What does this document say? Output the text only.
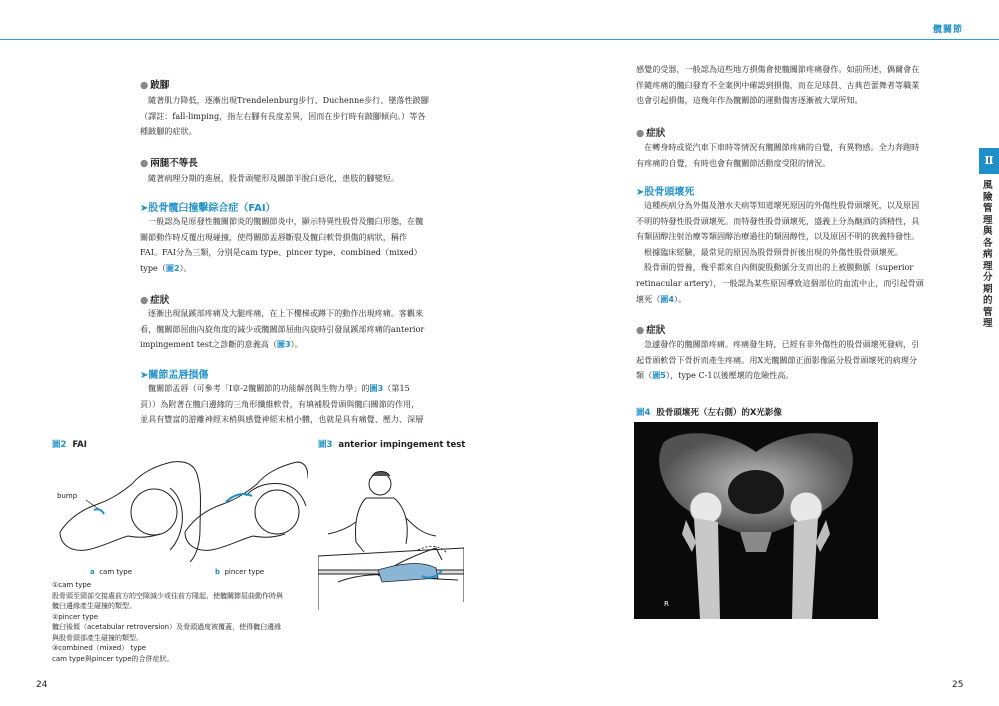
髖關節
● 跛腳

隨著肌力降低，逐漸出現Trendelenburg步行、Duchenne步行、墜落性跛腳

（譯註：fall-limping，指左右腳有長度差異，因而在步行時有跛腳傾向。）等各

種跛腳的症狀。

● 兩腿不等長

隨著病理分期的進展，股骨頭變形及關節半脫臼惡化，患肢的腳變短。

➤股骨髖臼撞擊綜合症（FAI）

一般認為是原發性髖關節炎的髖關節炎中，顯示特異性股骨及髖臼形態，在髖

關節動作時反覆出現碰撞，使得關節盂唇斷裂及髖臼軟骨損傷的病狀，稱作

FAI。FAI分為三類，分別是cam type、pincer type、combined（mixed）

type（圖2）。

● 症狀

逐漸出現鼠蹊部疼痛及大腿疼痛，在上下樓梯或蹲下的動作出現疼痛。客觀來

看，髖關節屈曲內旋角度的減少或髖關節屈曲內旋時引發鼠蹊部疼痛的anterior

impingement test之診斷的意義高（圖3）。

➤關節盂唇損傷

髖關節盂唇（可參考「Ⅰ章-2髖關節的功能解剖與生物力學」的圖3（第15

頁））為附著在髖臼邊緣的三角形纖維軟骨，有填補股骨頭與髖臼關節的作用，

並具有豐富的游離神經末梢與感覺神經末梢小體，也就是具有痛覺、壓力、深層

圖2 FAI
bump
a cam type	b pincer type
①cam type
股骨頭至頸部交接處前方的空隙減少或往前方隆起，使髖關節屈曲動作時與
髖臼邊緣產生碰撞的類型。
②pincer type
髖臼後傾（acetabular retroversion）及骨頭過度被覆蓋，使得髖臼邊緣
與股骨頸部產生碰撞的類型。
③combined（mixed） type
cam type與pincer type的合併症狀。
圖3 anterior impingement test
24

感覺的受器，一般認為這些地方損傷會使髖關節疼痛發作。如前所述，偶爾會在

伴隨疼痛的髖臼發育不全案例中確認到損傷，而在足球員、古典芭蕾舞者等職業

也會引起損傷，這幾年作為髖關節的運動傷害逐漸被大眾所知。

● 症狀

在轉身時或從汽車下車時等情況有髖關節疼痛的自覺，有異物感。全力奔跑時

有疼痛的自覺，有時也會有髖關節活動度受限的情況。

➤股骨頭壞死

這種疾病分為外傷及潛水夫病等知道壞死原因的外傷性股骨頭壞死，以及原因

不明的特發性股骨頭壞死。而特發性股骨頭壞死，盛義上分為酗酒的酒精性，具

有類固醇注射治療等類固醇治療過往的類固醇性，以及原因不明的狹義特發性。

根據臨床經驗，最常見的原因為股骨頸骨折後出現的外傷性股骨頭壞死。

股骨頭的營養，幾乎都來自內側旋股動脈分支而出的上被膜動脈（superior

retinacular artery），一般認為某些原因導致這個部位的血流中止，而引起骨頭

壞死（圖4）。

● 症狀

急遽發作的髖關節疼痛。疼痛發生時，已經有非外傷性的股骨頭壞死發病，引

起骨頭軟骨下骨折而產生疼痛。用X光髖關節正面影像區分股骨頭壞死的病理分

類（圖5），type C-1以後壓壞的危險性高。

圖4 股骨頭壞死（左右側）的X光影像
R
Ⅱ
風險管理與各病理分期的管理
25
